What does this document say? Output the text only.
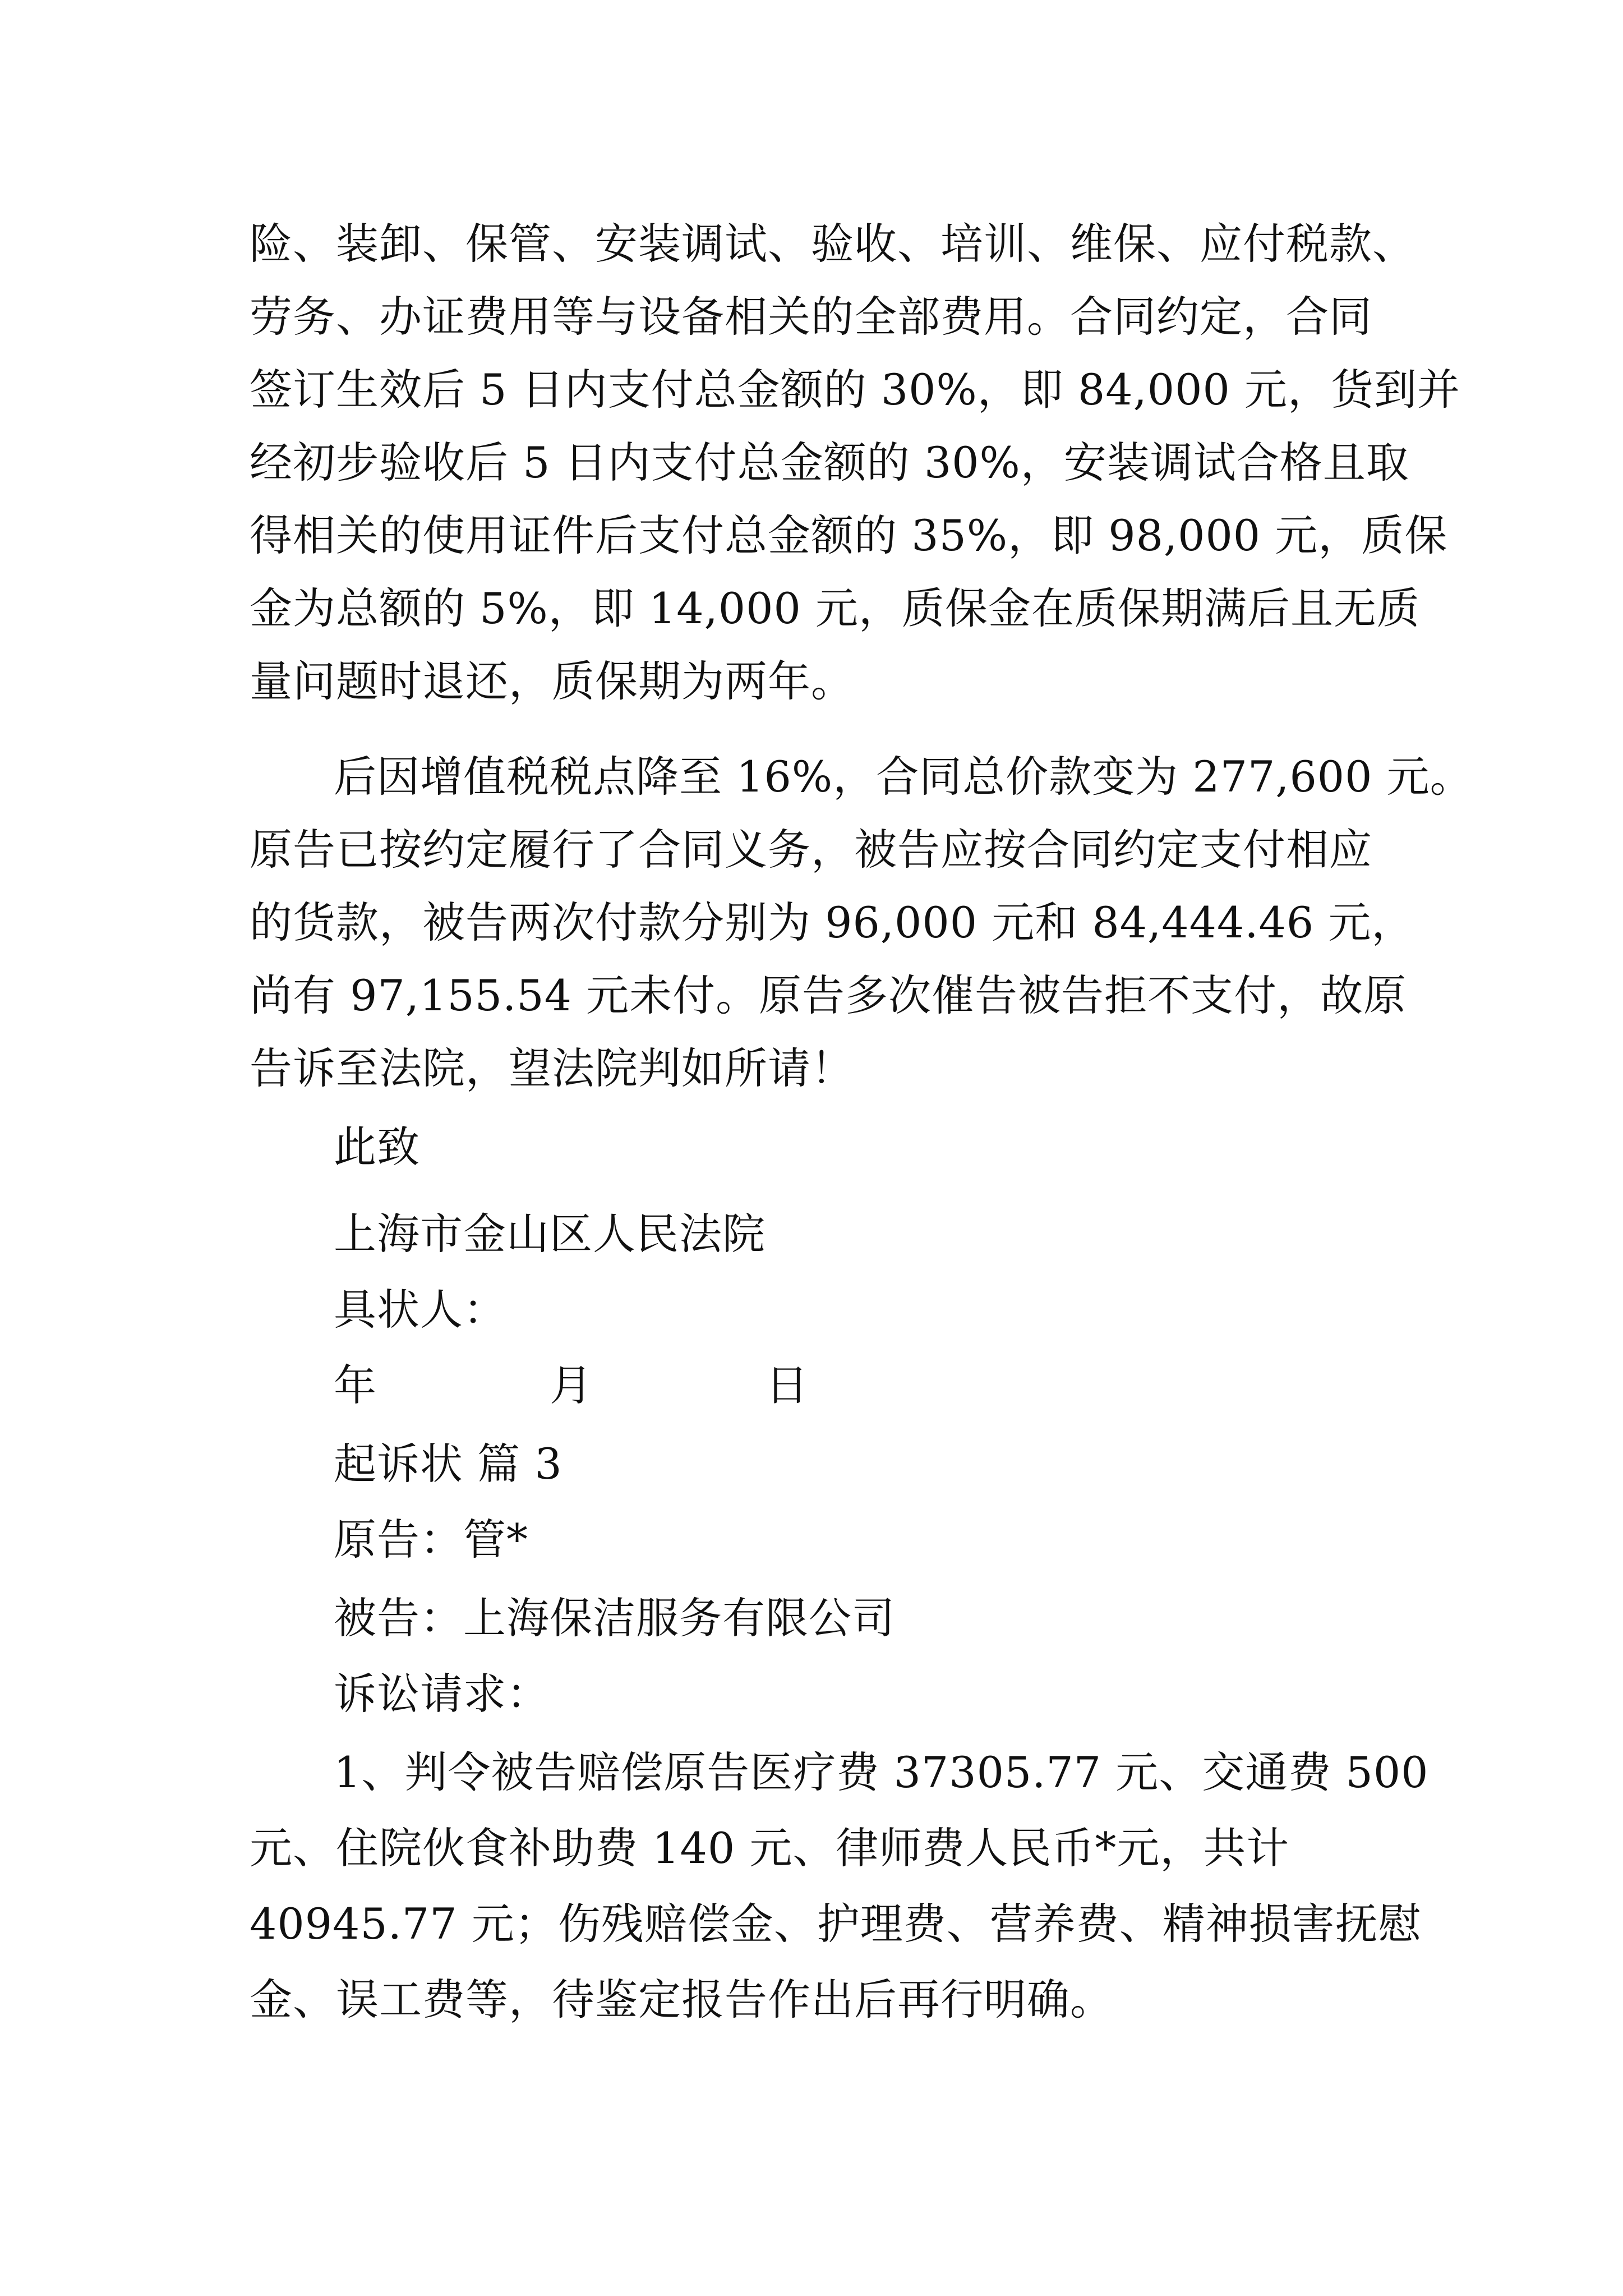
险、装卸、保管、安装调试、验收、培训、维保、应付税款、
劳务、办证费用等与设备相关的全部费用。合同约定，合同
签订生效后 5 日内支付总金额的 30%，即 84,000 元，货到并
经初步验收后 5 日内支付总金额的 30%，安装调试合格且取
得相关的使用证件后支付总金额的 35%，即 98,000 元，质保
金为总额的 5%，即 14,000 元，质保金在质保期满后且无质
量问题时退还，质保期为两年。
后因增值税税点降至 16%，合同总价款变为 277,600 元。
原告已按约定履行了合同义务，被告应按合同约定支付相应
的货款，被告两次付款分别为 96,000 元和 84,444.46 元，
尚有 97,155.54 元未付。原告多次催告被告拒不支付，故原
告诉至法院，望法院判如所请！
此致
上海市金山区人民法院
具状人：
年　　　　月　　　　日
起诉状 篇 3
原告：管*
被告：上海保洁服务有限公司
诉讼请求：
1、判令被告赔偿原告医疗费 37305.77 元、交通费 500
元、住院伙食补助费 140 元、律师费人民币*元，共计
40945.77 元；伤残赔偿金、护理费、营养费、精神损害抚慰
金、误工费等，待鉴定报告作出后再行明确。
